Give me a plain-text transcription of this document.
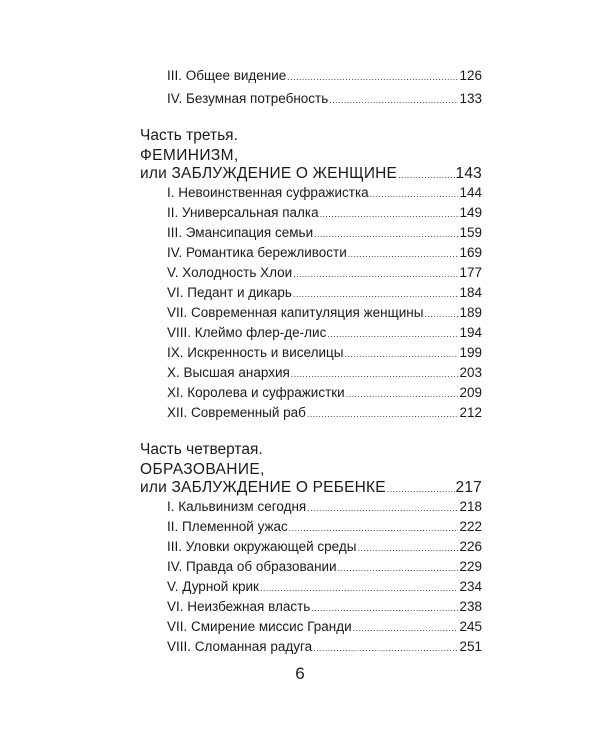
III. Общее видение .....	126
IV. Безумная потребность .....	133
Часть третья.
ФЕМИНИЗМ,
или ЗАБЛУЖДЕНИЕ О ЖЕНЩИНЕ .....	143
I. Невоинственная суфражистка .....	144
II. Универсальная палка .....	149
III. Эмансипация семьи .....	159
IV. Романтика бережливости .....	169
V. Холодность Хлои .....	177
VI. Педант и дикарь .....	184
VII. Современная капитуляция женщины .....	189
VIII. Клеймо флер-де-лис .....	194
IX. Искренность и виселицы .....	199
X. Высшая анархия .....	203
XI. Королева и суфражистки .....	209
XII. Современный раб .....	212
Часть четвертая.
ОБРАЗОВАНИЕ,
или ЗАБЛУЖДЕНИЕ О РЕБЕНКЕ .....	217
I. Кальвинизм сегодня .....	218
II. Племенной ужас .....	222
III. Уловки окружающей среды .....	226
IV. Правда об образовании .....	229
V. Дурной крик .....	234
VI. Неизбежная власть .....	238
VII. Смирение миссис Гранди .....	245
VIII. Сломанная радуга .....	251
6
